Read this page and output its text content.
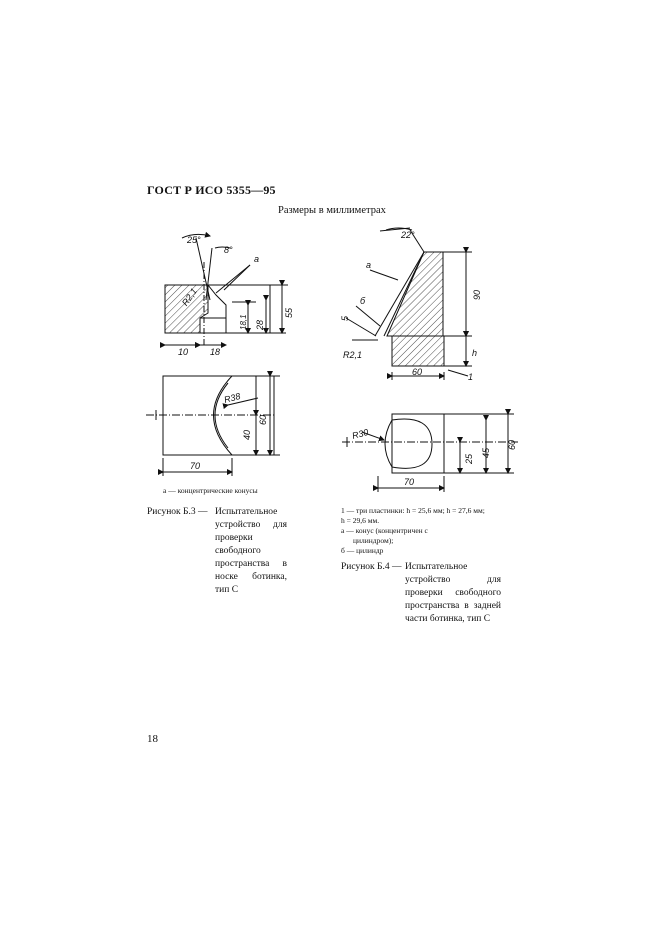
ГОСТ Р ИСО 5355—95
Размеры в миллиметрах
25°
8°
a
R2,1
18,1 28
55
10 18
R38
40
60
70
22°
а
б
5
R2,1
90
h
60	1
R30
25
45
60
70
а — концентрические конусы
Рисунок Б.3 — Испытательное устройство для проверки свободного пространства в носке ботинка, тип С
1 — три пластинки: h = 25,6 мм; h = 27,6 мм;
h = 29,6 мм.
а — конус (концентричен с
цилиндром);
б — цилиндр
Рисунок Б.4 — Испытательное устройство для проверки свободного пространства в задней части ботинка, тип С
18
